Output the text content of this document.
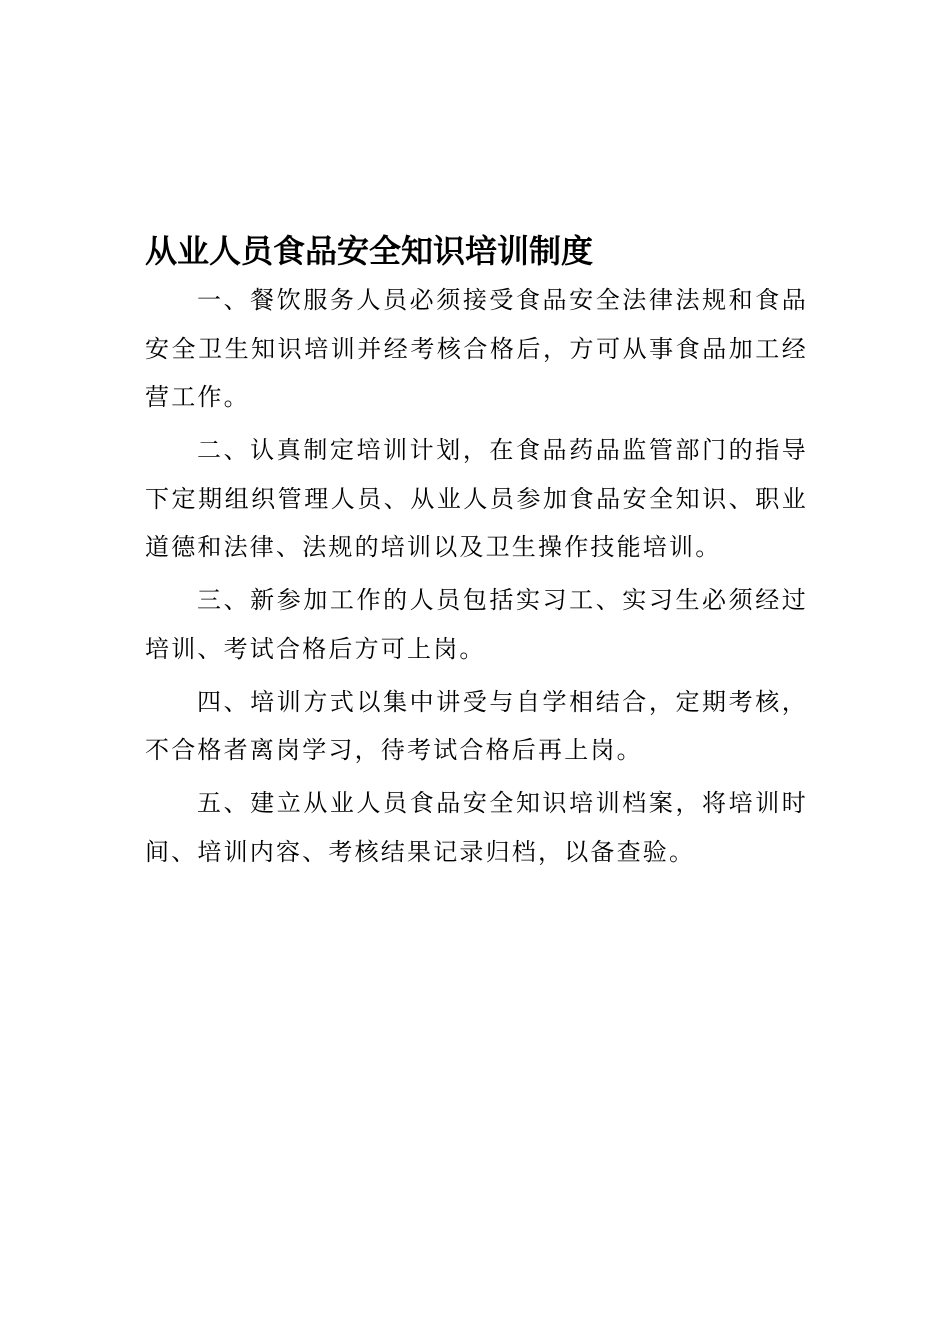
从业人员食品安全知识培训制度

一、餐饮服务人员必须接受食品安全法律法规和食品安全卫生知识培训并经考核合格后，方可从事食品加工经营工作。

二、认真制定培训计划，在食品药品监管部门的指导下定期组织管理人员、从业人员参加食品安全知识、职业道德和法律、法规的培训以及卫生操作技能培训。

三、新参加工作的人员包括实习工、实习生必须经过培训、考试合格后方可上岗。

四、培训方式以集中讲受与自学相结合，定期考核，不合格者离岗学习，待考试合格后再上岗。

五、建立从业人员食品安全知识培训档案，将培训时间、培训内容、考核结果记录归档，以备查验。
